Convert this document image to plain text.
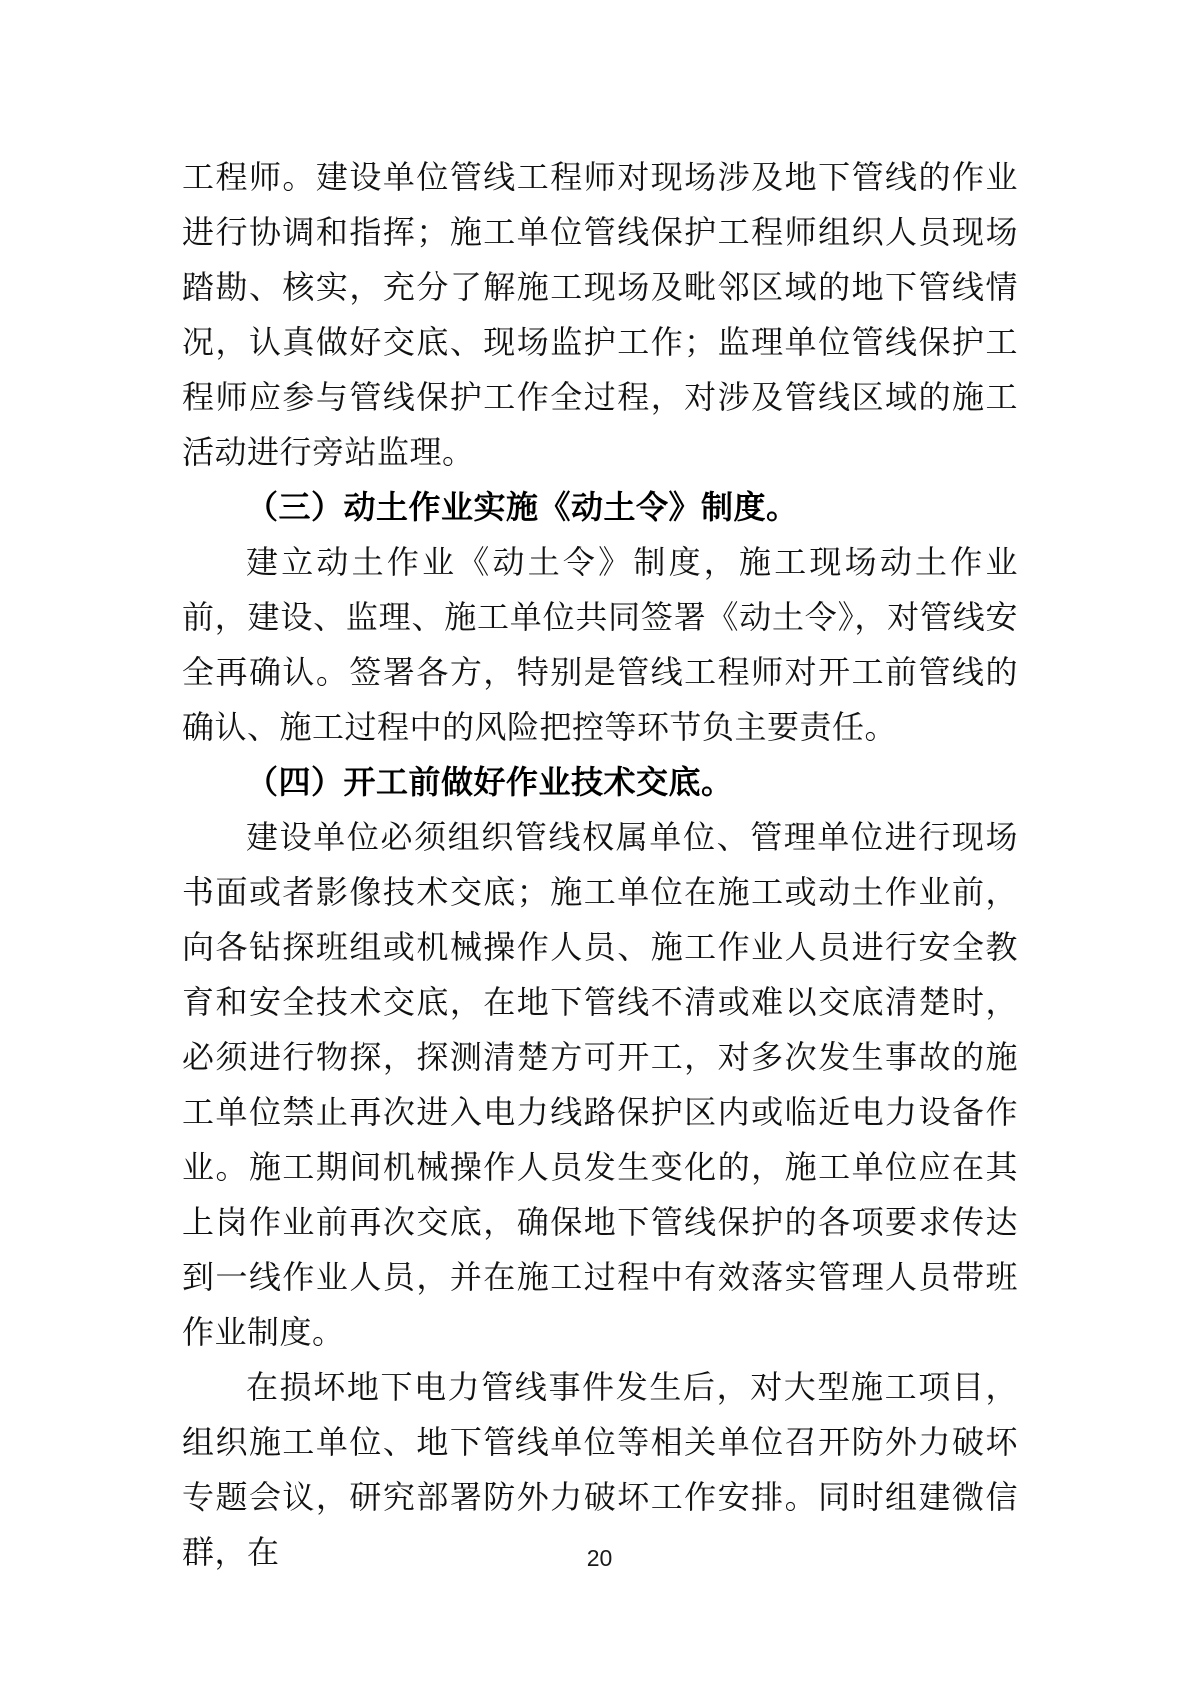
工程师。建设单位管线工程师对现场涉及地下管线的作业进行协调和指挥；施工单位管线保护工程师组织人员现场踏勘、核实，充分了解施工现场及毗邻区域的地下管线情况，认真做好交底、现场监护工作；监理单位管线保护工程师应参与管线保护工作全过程，对涉及管线区域的施工活动进行旁站监理。

（三）动土作业实施《动土令》制度。

建立动土作业《动土令》制度，施工现场动土作业前，建设、监理、施工单位共同签署《动土令》，对管线安全再确认。签署各方，特别是管线工程师对开工前管线的确认、施工过程中的风险把控等环节负主要责任。

（四）开工前做好作业技术交底。

建设单位必须组织管线权属单位、管理单位进行现场书面或者影像技术交底；施工单位在施工或动土作业前，向各钻探班组或机械操作人员、施工作业人员进行安全教育和安全技术交底，在地下管线不清或难以交底清楚时，必须进行物探，探测清楚方可开工，对多次发生事故的施工单位禁止再次进入电力线路保护区内或临近电力设备作业。施工期间机械操作人员发生变化的，施工单位应在其上岗作业前再次交底，确保地下管线保护的各项要求传达到一线作业人员，并在施工过程中有效落实管理人员带班作业制度。

在损坏地下电力管线事件发生后，对大型施工项目，组织施工单位、地下管线单位等相关单位召开防外力破坏专题会议，研究部署防外力破坏工作安排。同时组建微信群，在	20
